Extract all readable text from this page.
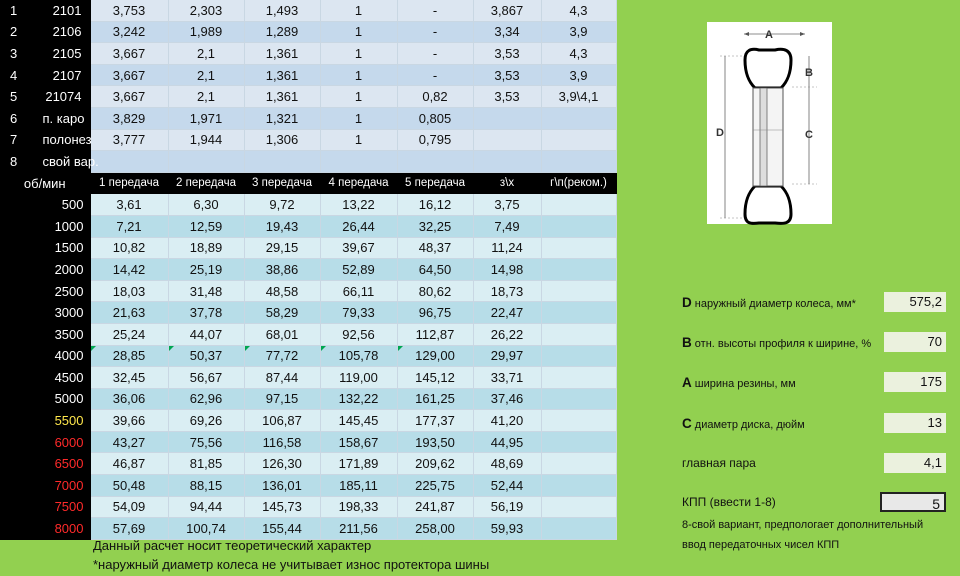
1	2101	3,753	2,303	1,493	1	-	3,867	4,3
2	2106	3,242	1,989	1,289	1	-	3,34	3,9
3	2105	3,667	2,1	1,361	1	-	3,53	4,3
4	2107	3,667	2,1	1,361	1	-	3,53	3,9
5	21074	3,667	2,1	1,361	1	0,82	3,53	3,9\4,1
6	п. каро	3,829	1,971	1,321	1	0,805		
7	полонез	3,777	1,944	1,306	1	0,795		
8	свой вар.							
об/мин		1 передача	2 передача	3 передача	4 передача	5 передача	з\х	г\п(реком.)
500		3,61	6,30	9,72	13,22	16,12	3,75	
1000		7,21	12,59	19,43	26,44	32,25	7,49	
1500		10,82	18,89	29,15	39,67	48,37	11,24	
2000		14,42	25,19	38,86	52,89	64,50	14,98	
2500		18,03	31,48	48,58	66,11	80,62	18,73	
3000		21,63	37,78	58,29	79,33	96,75	22,47	
3500		25,24	44,07	68,01	92,56	112,87	26,22	
4000		28,85	50,37	77,72	105,78	129,00	29,97	
4500		32,45	56,67	87,44	119,00	145,12	33,71	
5000		36,06	62,96	97,15	132,22	161,25	37,46	
5500		39,66	69,26	106,87	145,45	177,37	41,20	
6000		43,27	75,56	116,58	158,67	193,50	44,95	
6500		46,87	81,85	126,30	171,89	209,62	48,69	
7000		50,48	88,15	136,01	185,11	225,75	52,44	
7500		54,09	94,44	145,73	198,33	241,87	56,19	
8000		57,69	100,74	155,44	211,56	258,00	59,93	
A
D
B
C
D наружный диаметр колеса, мм*	575,2
B отн. высоты профиля к ширине, %	70
А ширина резины, мм	175
С диаметр диска, дюйм	13
главная пара	4,1
КПП (ввести 1-8)	5
8-свой вариант, предпологает дополнительный
ввод передаточных чисел КПП
Данный расчет носит теоретический характер
*наружный диаметр колеса не учитывает износ протектора шины
